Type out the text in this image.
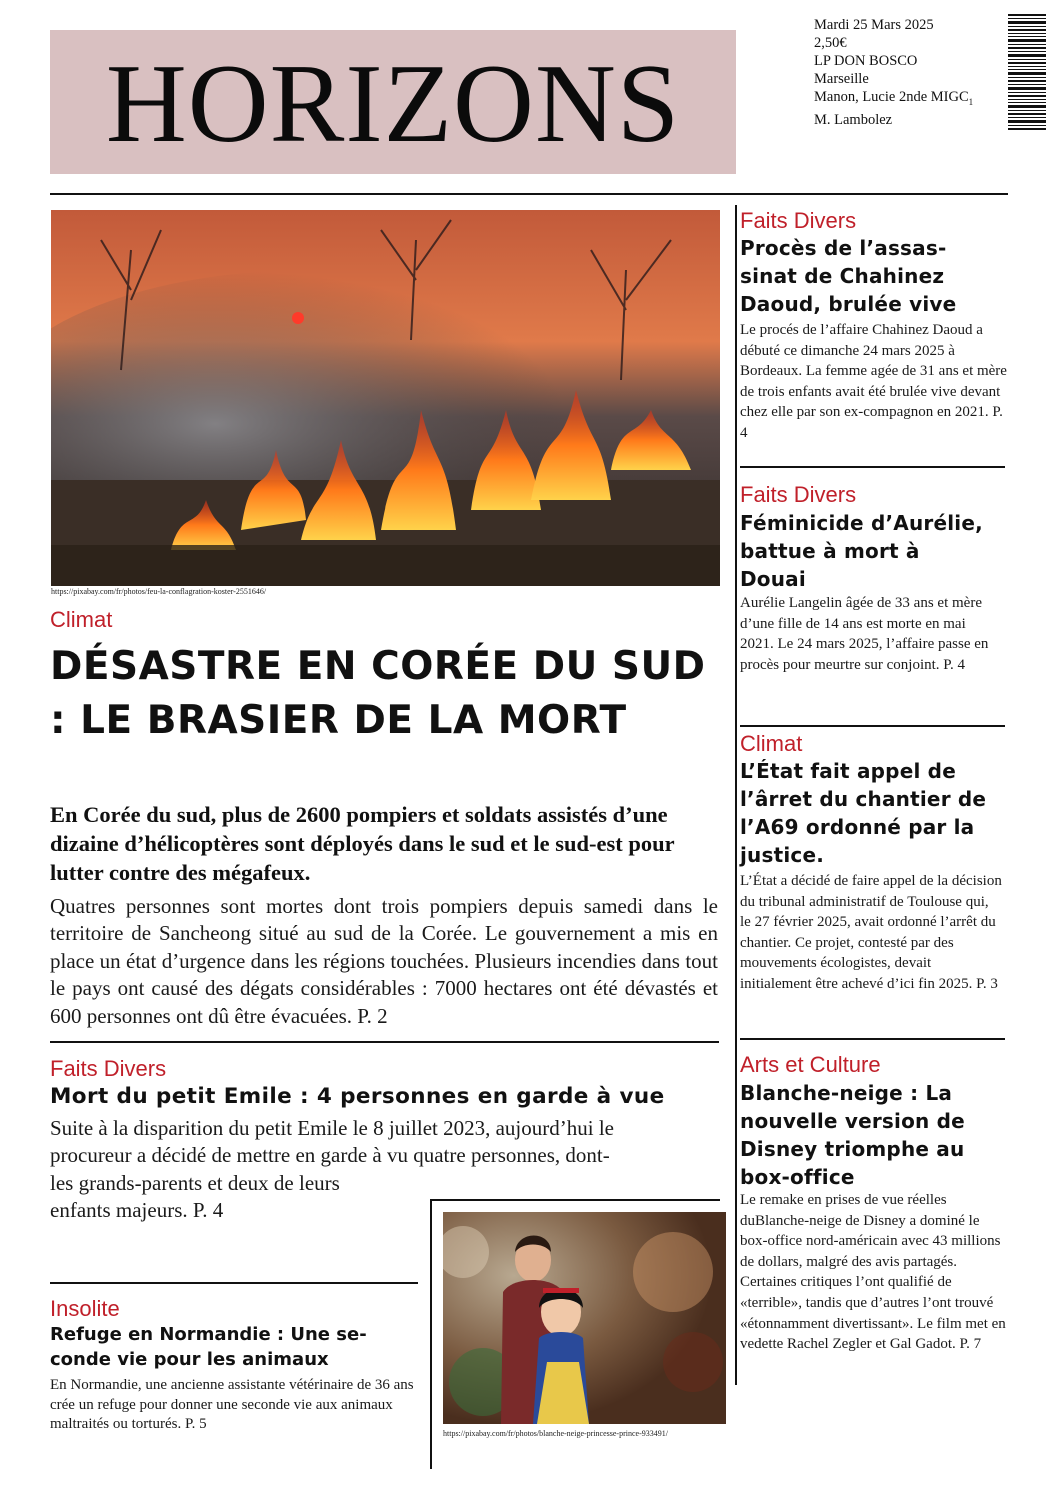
HORIZONS
Mardi 25 Mars 2025
2,50€
LP DON BOSCO
Marseille
Manon, Lucie 2nde $MIGC_1$
M. Lambolez
https://pixabay.com/fr/photos/feu-la-conflagration-koster-2551646/
Climat
DÉSASTRE EN CORÉE DU SUD : LE BRASIER DE LA MORT
En Corée du sud, plus de 2600 pompiers et soldats assistés d’une dizaine d’hélicoptères sont déployés dans le sud et le sud-est pour lutter contre des mégafeux.
Quatres personnes sont mortes dont trois pompiers depuis samedi dans le territoire de Sancheong situé au sud de la Corée. Le gouvernement a mis en place un état d’urgence dans les régions touchées. Plusieurs incendies dans tout le pays ont causé des dégats considérables : 7000 hectares ont été dévastés et 600 personnes ont dû être évacuées. P. 2
Faits Divers
Mort du petit Emile : 4 personnes en garde à vue
Suite à la disparition du petit Emile le 8 juillet 2023, aujourd’hui le
procureur a décidé de mettre en garde à vu quatre personnes, dont-
les grands-parents et deux de leurs
enfants majeurs. P. 4
https://pixabay.com/fr/photos/blanche-neige-princesse-prince-933491/
Insolite
Refuge en Normandie : Une se-
conde vie pour les animaux
En Normandie, une ancienne assistante vétérinaire de 36 ans crée un refuge pour donner une seconde vie aux animaux maltraités ou torturés. P. 5
Faits Divers
Procès de l’assas-
sinat de Chahinez
Daoud, brulée vive
Le procés de l’affaire Chahinez Daoud a débuté ce dimanche 24 mars 2025 à Bordeaux. La femme agée de 31 ans et mère de trois enfants avait été brulée vive devant chez elle par son ex-compagnon en 2021. P. 4
Faits Divers
Féminicide d’Aurélie,
battue à mort à
Douai
Aurélie Langelin âgée de 33 ans et mère d’une fille de 14 ans est morte en mai 2021. Le 24 mars 2025, l’affaire passe en procès pour meurtre sur conjoint. P. 4
Climat
L’État fait appel de
l’ârret du chantier de
l’A69 ordonné par la
justice.
L’État a décidé de faire appel de la décision du tribunal administratif de Toulouse qui, le 27 février 2025, avait ordonné l’arrêt du chantier. Ce projet, contesté par des mouvements écologistes, devait initialement être achevé d’ici fin 2025. P. 3
Arts et Culture
Blanche-neige : La
nouvelle version de
Disney triomphe au
box-office
Le remake en prises de vue réelles duBlanche-neige de Disney a dominé le box-office nord-américain avec 43 millions de dollars, malgré des avis partagés. Certaines critiques l’ont qualifié de «terrible», tandis que d’autres l’ont trouvé «étonnamment divertissant». Le film met en vedette Rachel Zegler et Gal Gadot. P. 7
